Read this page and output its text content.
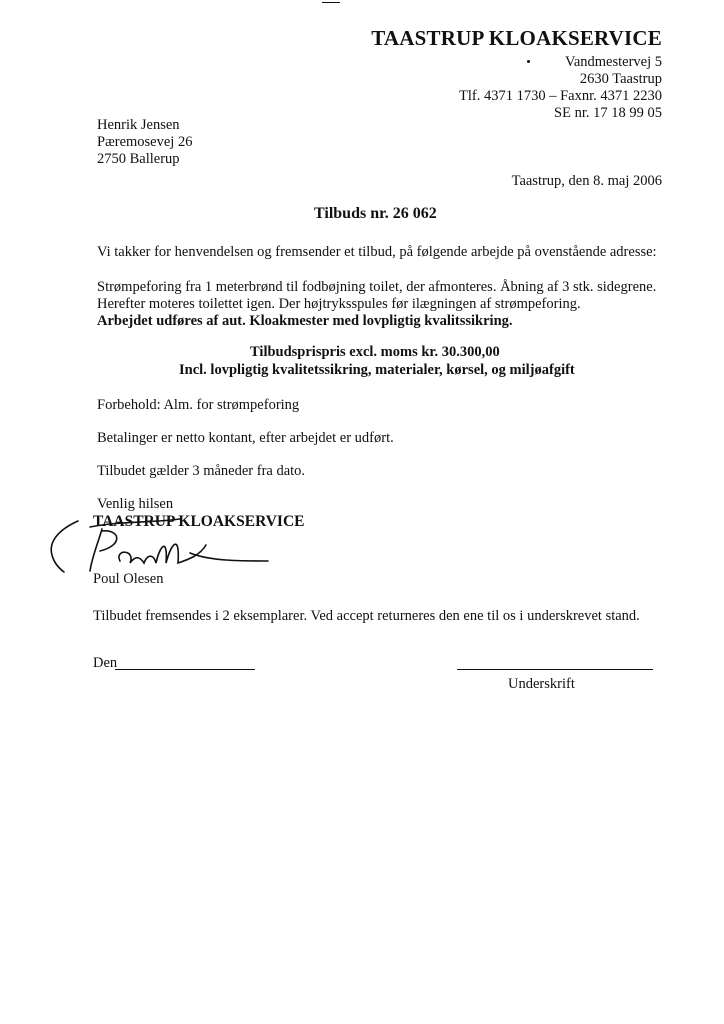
TAASTRUP KLOAKSERVICE
Vandmestervej 5
2630 Taastrup
Tlf. 4371 1730 – Faxnr. 4371 2230
SE nr. 17 18 99 05
Henrik Jensen
Pæremosevej 26
2750 Ballerup
Taastrup, den 8. maj 2006
Tilbuds nr. 26 062
Vi takker for henvendelsen og fremsender et tilbud, på følgende arbejde på ovenstående adresse:
Strømpeforing fra 1 meterbrønd til fodbøjning toilet, der afmonteres. Åbning af 3 stk. sidegrene.
Herefter moteres toilettet igen. Der højtryksspules før ilægningen af strømpeforing.
Arbejdet udføres af aut. Kloakmester med lovpligtig kvalitssikring.
Tilbudsprispris excl. moms kr. 30.300,00
Incl. lovpligtig kvalitetssikring, materialer, kørsel, og miljøafgift
Forbehold: Alm. for strømpeforing
Betalinger er netto kontant, efter arbejdet er udført.
Tilbudet gælder 3 måneder fra dato.
Venlig hilsen
TAASTRUP KLOAKSERVICE
Poul Olesen
Tilbudet fremsendes i 2 eksemplarer. Ved accept returneres den ene til os i underskrevet stand.
Den
Underskrift
